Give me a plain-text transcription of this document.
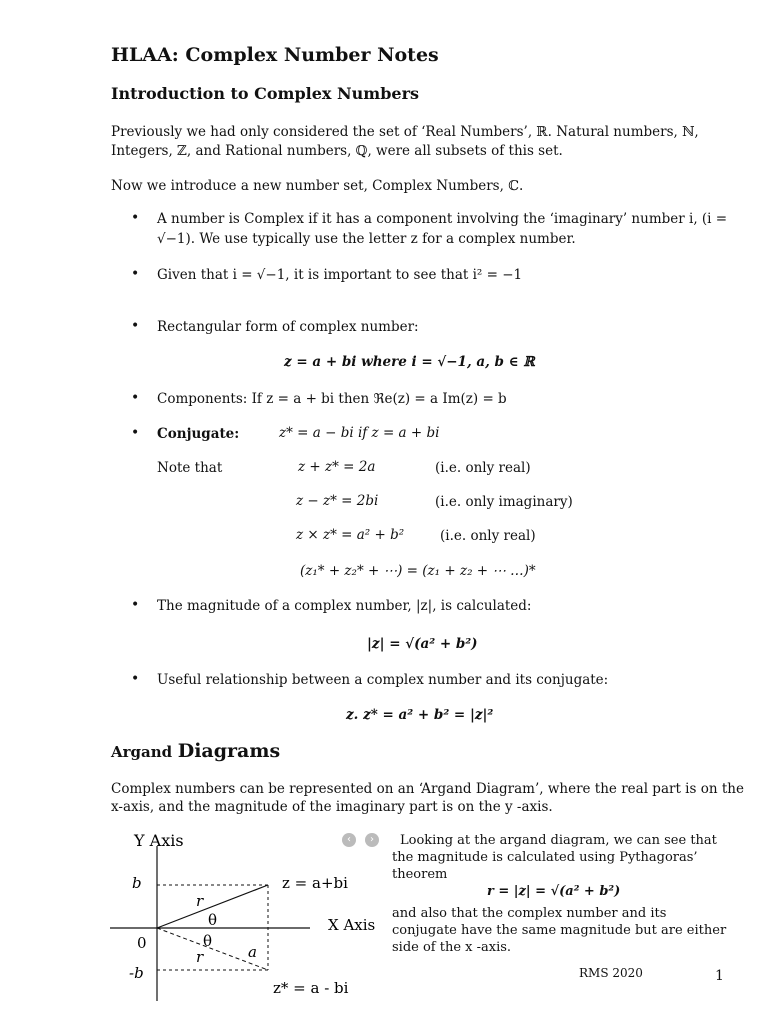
HLAA: Complex Number Notes
Introduction to Complex Numbers
Previously we had only considered the set of ‘Real Numbers’, ℝ. Natural numbers, ℕ,
Integers, ℤ, and Rational numbers, ℚ, were all subsets of this set.
Now we introduce a new number set, Complex Numbers, ℂ.
• A number is Complex if it has a component involving the ‘imaginary’ number i, (i =
√−1). We use typically use the letter z for a complex number.
• Given that i = √−1, it is important to see that i² = −1
• Rectangular form of complex number:
z = a + bi where i = √−1, a, b ∈ ℝ
• Components: If z = a + bi then ℜe(z) = a Im(z) = b
• Conjugate:	z* = a − bi if z = a + bi
Note that	z + z* = 2a	(i.e. only real)
z − z* = 2bi	(i.e. only imaginary)
z × z* = a² + b²	(i.e. only real)
(z₁* + z₂* + ⋯) = (z₁ + z₂ + ⋯ …)*
• The magnitude of a complex number, |z|, is calculated:
|z| = √(a² + b²)
• Useful relationship between a complex number and its conjugate:
z. z* = a² + b² = |z|²
Argand Diagrams
Complex numbers can be represented on an ‘Argand Diagram’, where the real part is on the
x-axis, and the magnitude of the imaginary part is on the y -axis.
Y Axis
b
0
-b
r
θ
θ
r	a
z = a+bi
X Axis
z* = a - bi
‹	›	Looking at the argand diagram, we can see that
the magnitude is calculated using Pythagoras’
theorem
r = |z| = √(a² + b²)
and also that the complex number and its
conjugate have the same magnitude but are either
side of the x -axis.
RMS 2020	1
